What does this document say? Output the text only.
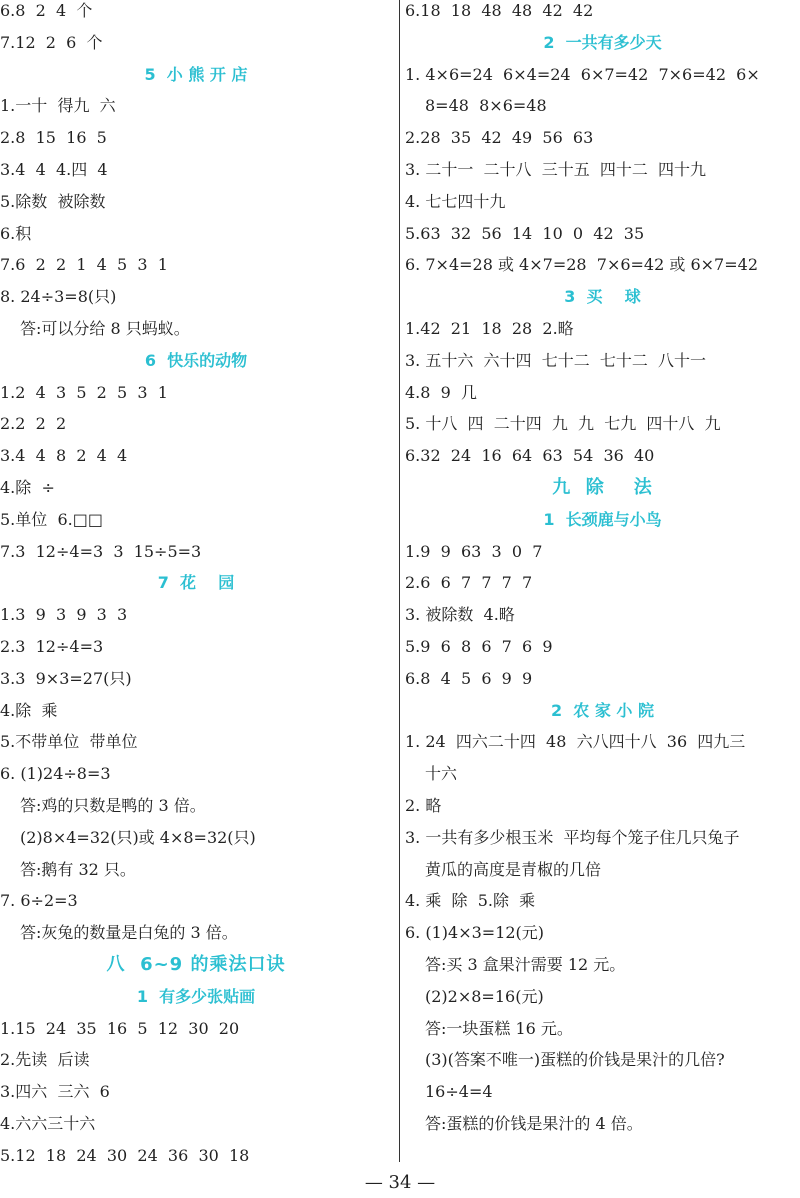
6.8  2  4  个
7.12  2  6  个
5  小 熊 开 店
1.一十  得九  六
2.8  15  16  5
3.4  4  4.四  4
5.除数  被除数
6.积
7.6  2  2  1  4  5  3  1
8. 24÷3=8(只)
答:可以分给 8 只蚂蚁。
6  快乐的动物
1.2  4  3  5  2  5  3  1
2.2  2  2
3.4  4  8  2  4  4
4.除  ÷
5.单位  6.□□
7.3  12÷4=3  3  15÷5=3
7  花    园
1.3  9  3  9  3  3
2.3  12÷4=3
3.3  9×3=27(只)
4.除  乘
5.不带单位  带单位
6. (1)24÷8=3
答:鸡的只数是鸭的 3 倍。
(2)8×4=32(只)或 4×8=32(只)
答:鹅有 32 只。
7. 6÷2=3
答:灰兔的数量是白兔的 3 倍。
八  6~9 的乘法口诀
1  有多少张贴画
1.15  24  35  16  5  12  30  20
2.先读  后读
3.四六  三六  6
4.六六三十六
5.12  18  24  30  24  36  30  18
6.18  18  48  48  42  42
2  一共有多少天
1. 4×6=24  6×4=24  6×7=42  7×6=42  6×
8=48  8×6=48
2.28  35  42  49  56  63
3. 二十一  二十八  三十五  四十二  四十九
4. 七七四十九
5.63  32  56  14  10  0  42  35
6. 7×4=28 或 4×7=28  7×6=42 或 6×7=42
3  买    球
1.42  21  18  28  2.略
3. 五十六  六十四  七十二  七十二  八十一
4.8  9  几
5. 十八  四  二十四  九  九  七九  四十八  九
6.32  24  16  64  63  54  36  40
九  除    法
1  长颈鹿与小鸟
1.9  9  63  3  0  7
2.6  6  7  7  7  7
3. 被除数  4.略
5.9  6  8  6  7  6  9
6.8  4  5  6  9  9
2  农 家 小 院
1. 24  四六二十四  48  六八四十八  36  四九三
十六
2. 略
3. 一共有多少根玉米  平均每个笼子住几只兔子
黄瓜的高度是青椒的几倍
4. 乘  除  5.除  乘
6. (1)4×3=12(元)
答:买 3 盒果汁需要 12 元。
(2)2×8=16(元)
答:一块蛋糕 16 元。
(3)(答案不唯一)蛋糕的价钱是果汁的几倍?
16÷4=4
答:蛋糕的价钱是果汁的 4 倍。
— 34 —
